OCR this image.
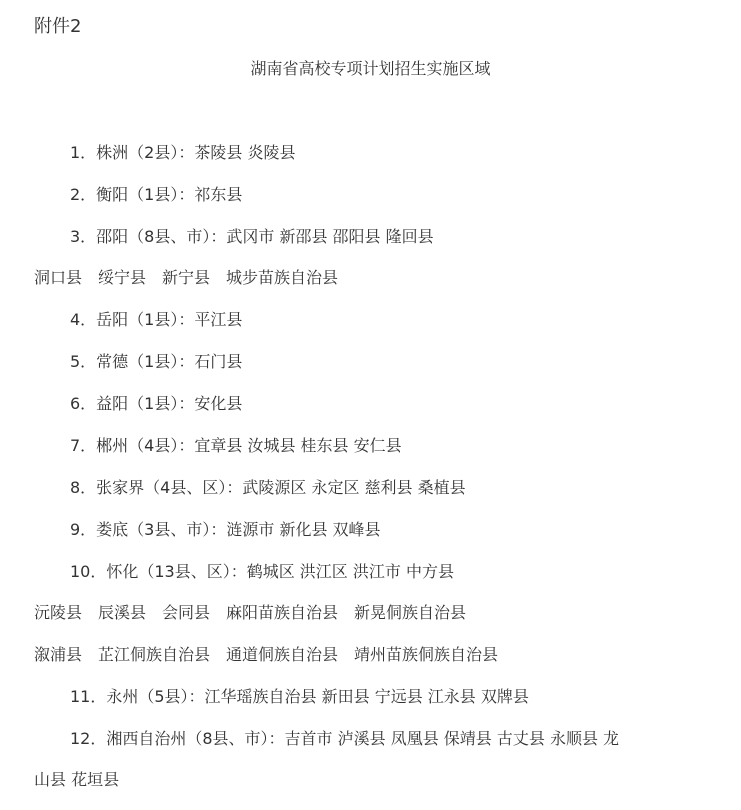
附件2
湖南省高校专项计划招生实施区域
1．株洲（2县）：茶陵县 炎陵县
2．衡阳（1县）：祁东县
3．邵阳（8县、市）：武冈市 新邵县 邵阳县 隆回县
洞口县　绥宁县　新宁县　城步苗族自治县
4．岳阳（1县）：平江县
5．常德（1县）：石门县
6．益阳（1县）：安化县
7．郴州（4县）：宜章县 汝城县 桂东县 安仁县
8．张家界（4县、区）：武陵源区 永定区 慈利县 桑植县
9．娄底（3县、市）：涟源市 新化县 双峰县
10．怀化（13县、区）：鹤城区 洪江区 洪江市 中方县
沅陵县　辰溪县　会同县　麻阳苗族自治县　新晃侗族自治县
溆浦县　芷江侗族自治县　通道侗族自治县　靖州苗族侗族自治县
11．永州（5县）：江华瑶族自治县 新田县 宁远县 江永县 双牌县
12．湘西自治州（8县、市）：吉首市 泸溪县 凤凰县 保靖县 古丈县 永顺县 龙
山县 花垣县
